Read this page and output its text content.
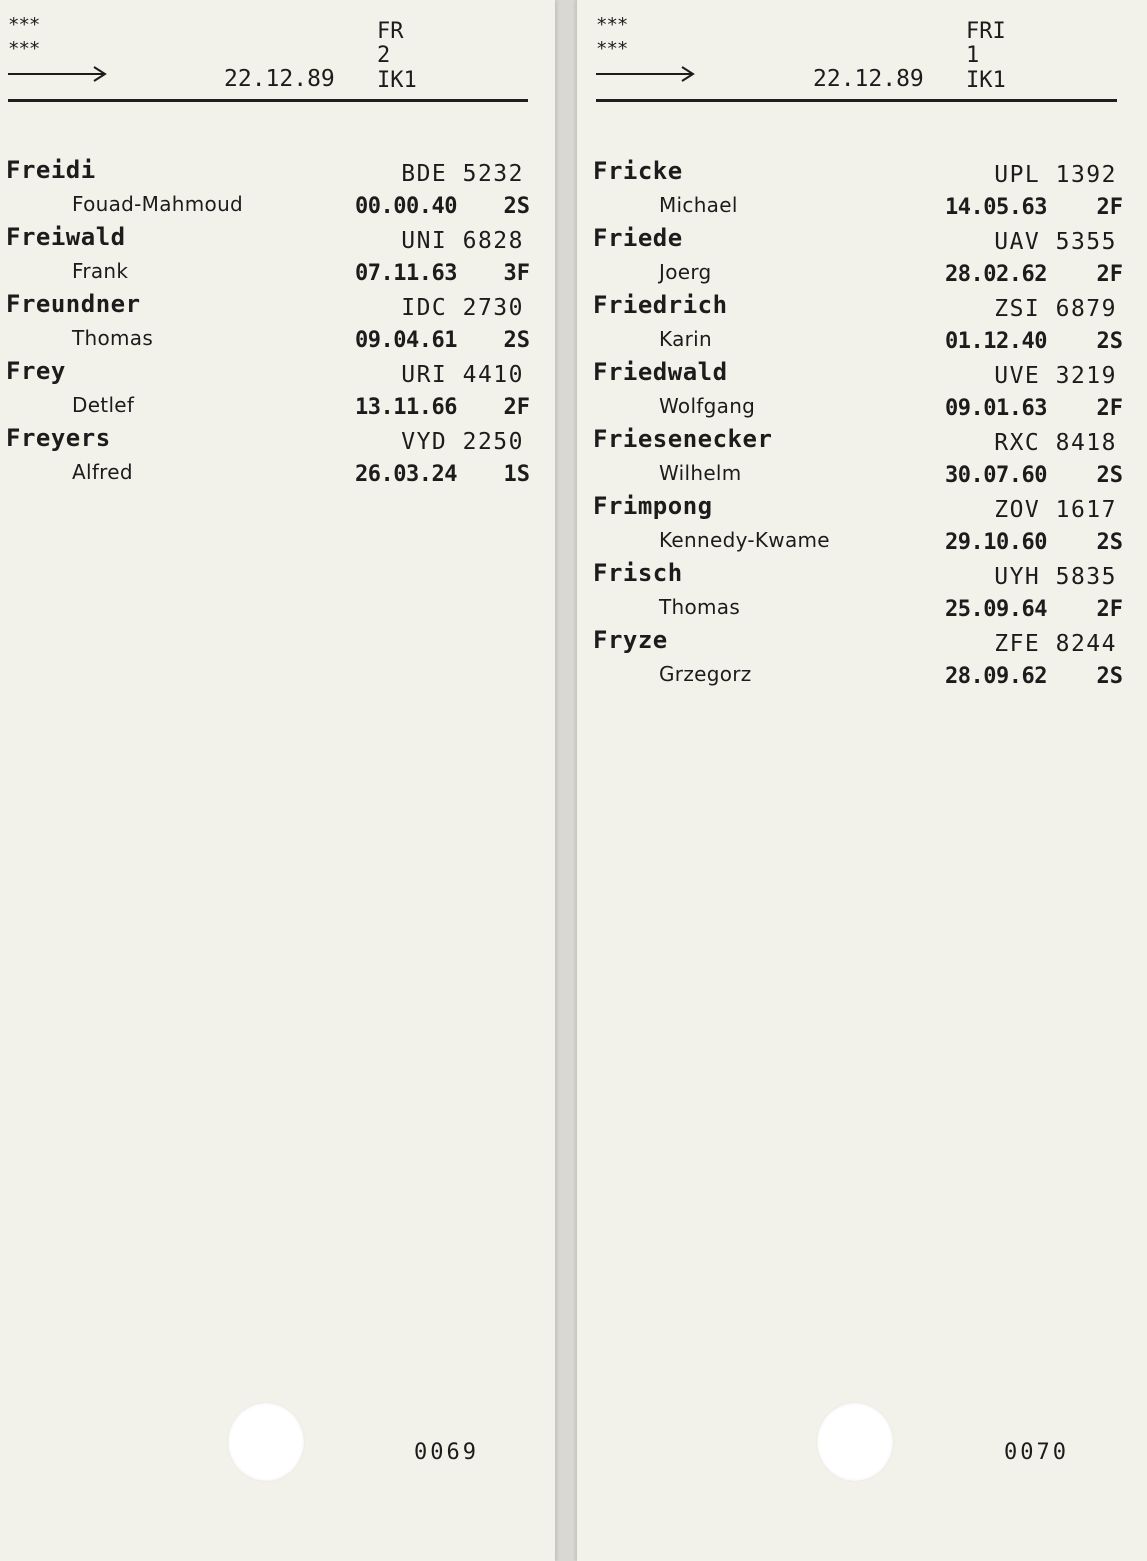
***
***
22.12.89
FR
2
IK1
Freidi	BDE 5232
Fouad-Mahmoud	00.00.40 2S
Freiwald	UNI 6828
Frank	07.11.63 3F
Freundner	IDC 2730
Thomas	09.04.61 2S
Frey	URI 4410
Detlef	13.11.66 2F
Freyers	VYD 2250
Alfred	26.03.24 1S
0069
***
***
22.12.89
FRI
1
IK1
Fricke	UPL 1392
Michael	14.05.63 2F
Friede	UAV 5355
Joerg	28.02.62 2F
Friedrich	ZSI 6879
Karin	01.12.40 2S
Friedwald	UVE 3219
Wolfgang	09.01.63 2F
Friesenecker	RXC 8418
Wilhelm	30.07.60 2S
Frimpong	ZOV 1617
Kennedy-Kwame	29.10.60 2S
Frisch	UYH 5835
Thomas	25.09.64 2F
Fryze	ZFE 8244
Grzegorz	28.09.62 2S
0070
